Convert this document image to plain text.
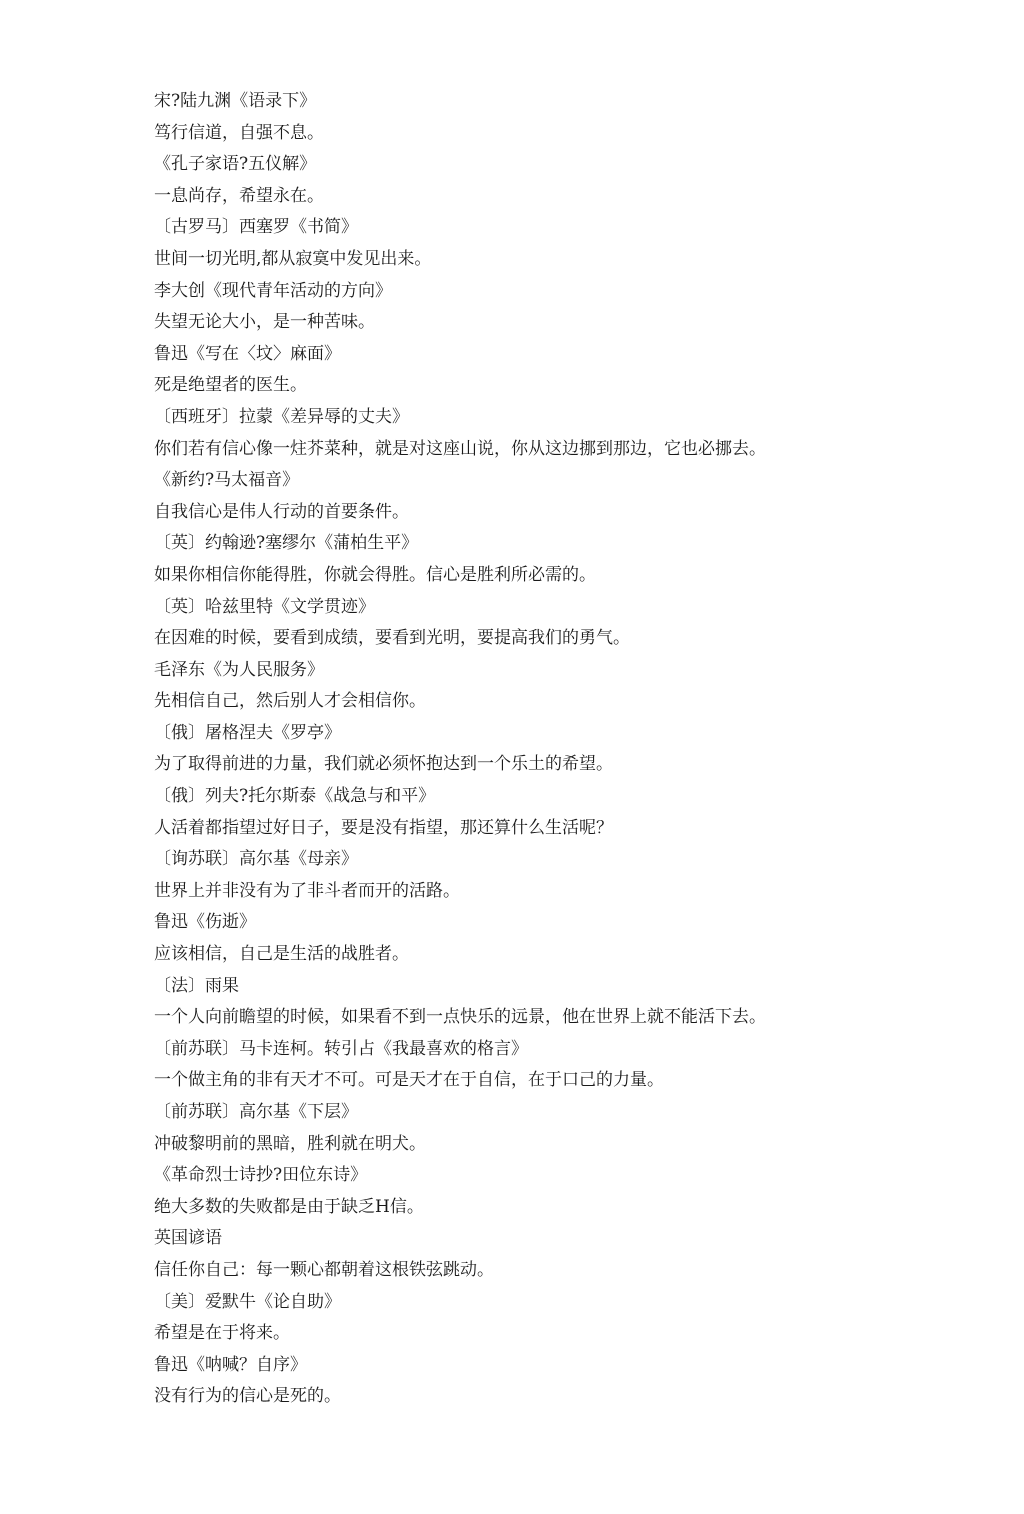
宋?陆九渊《语录下》
笃行信道，自强不息。
《孔子家语?五仪解》
一息尚存，希望永在。
〔古罗马〕西塞罗《书简》
世间一切光明,都从寂寞中发见出来。
李大创《现代青年活动的方向》
失望无论大小，是一种苦味。
鲁迅《写在〈坟〉麻面》
死是绝望者的医生。
〔西班牙〕拉蒙《差异辱的丈夫》
你们若有信心像一炷芥菜种，就是对这座山说，你从这边挪到那边，它也必挪去。
《新约?马太福音》
自我信心是伟人行动的首要条件。
〔英〕约翰逊?塞缪尔《蒲柏生平》
如果你相信你能得胜，你就会得胜。信心是胜利所必需的。
〔英〕哈兹里特《文学贯迹》
在因难的时候，要看到成绩，要看到光明，要提高我们的勇气。
毛泽东《为人民服务》
先相信自己，然后别人才会相信你。
〔俄〕屠格涅夫《罗亭》
为了取得前进的力量，我们就必须怀抱达到一个乐土的希望。
〔俄〕列夫?托尔斯泰《战急与和平》
人活着都指望过好日子，要是没有指望，那还算什么生活呢？
〔询苏联〕高尔基《母亲》
世界上并非没有为了非斗者而开的活路。
鲁迅《伤逝》
应该相信，自己是生活的战胜者。
〔法〕雨果
一个人向前瞻望的时候，如果看不到一点快乐的远景，他在世界上就不能活下去。
〔前苏联〕马卡连柯。转引占《我最喜欢的格言》
一个做主角的非有天才不可。可是天才在于自信，在于口己的力量。
〔前苏联〕高尔基《下层》
冲破黎明前的黑暗，胜利就在明犬。
《革命烈士诗抄?田位东诗》
绝大多数的失败都是由于缺乏H信。
英国谚语
信任你自己：每一颗心都朝着这根铁弦跳动。
〔美〕爱默牛《论自助》
希望是在于将来。
鲁迅《呐喊？自序》
没有行为的信心是死的。
